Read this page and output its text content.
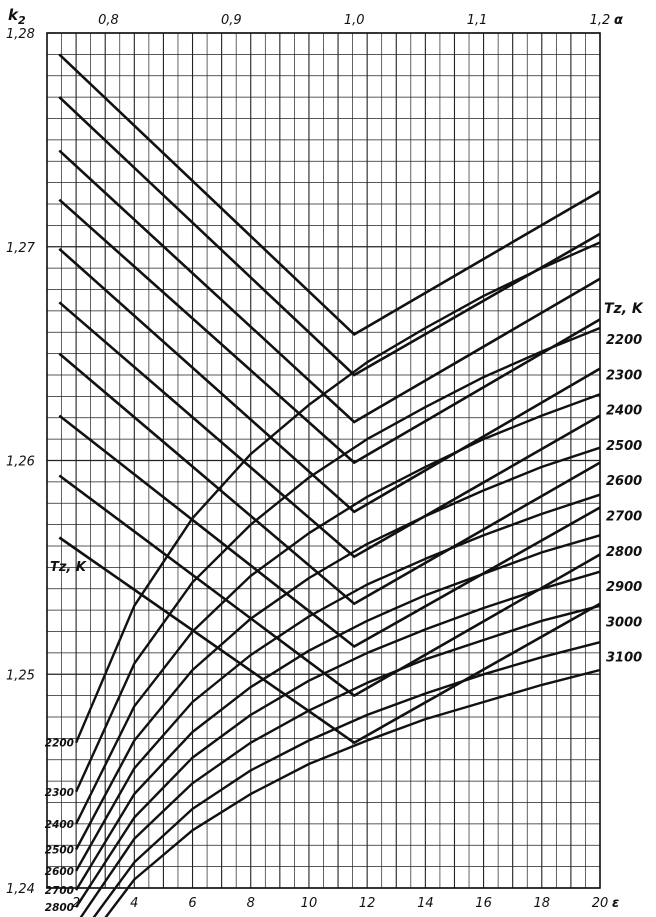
$k_2$	α
ε
Tz, K
Tz, K
1,24
1,25
1,26
1,27
1,28
0,8	0,9	1,0	1,1	1,2
2	4	6	8	10	12	14	16	18	20
2200
2300
2400
2500
2600
2700
2800
2900
3000
3100
2200
2300
2400
2500
2600
2700
2800
